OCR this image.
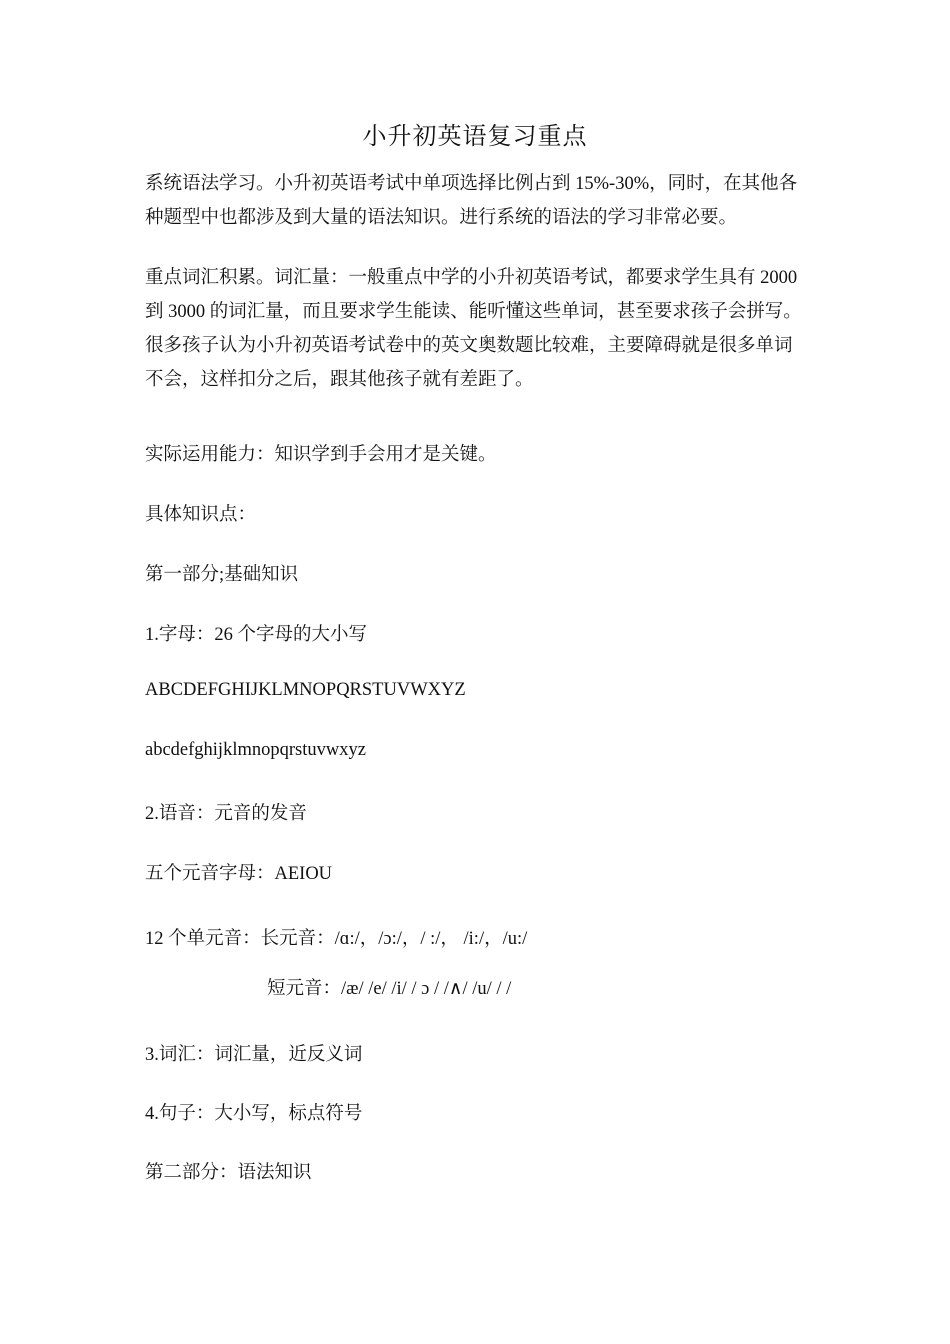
小升初英语复习重点

系统语法学习。小升初英语考试中单项选择比例占到 15%-30%，同时，在其他各种题型中也都涉及到大量的语法知识。进行系统的语法的学习非常必要。

重点词汇积累。词汇量：一般重点中学的小升初英语考试，都要求学生具有 2000 到 3000 的词汇量，而且要求学生能读、能听懂这些单词，甚至要求孩子会拼写。很多孩子认为小升初英语考试卷中的英文奥数题比较难，主要障碍就是很多单词不会，这样扣分之后，跟其他孩子就有差距了。

实际运用能力：知识学到手会用才是关键。
具体知识点：
第一部分;基础知识
1.字母：26 个字母的大小写
ABCDEFGHIJKLMNOPQRSTUVWXYZ
abcdefghijklmnopqrstuvwxyz
2.语音：元音的发音
五个元音字母：AEIOU
12 个单元音：长元音：/ɑ:/，/ɔ:/，/ :/， /i:/，/u:/
短元音：/æ/ /e/ /i/ / ɔ / /∧/ /u/ / /
3.词汇：词汇量，近反义词
4.句子：大小写，标点符号
第二部分：语法知识
